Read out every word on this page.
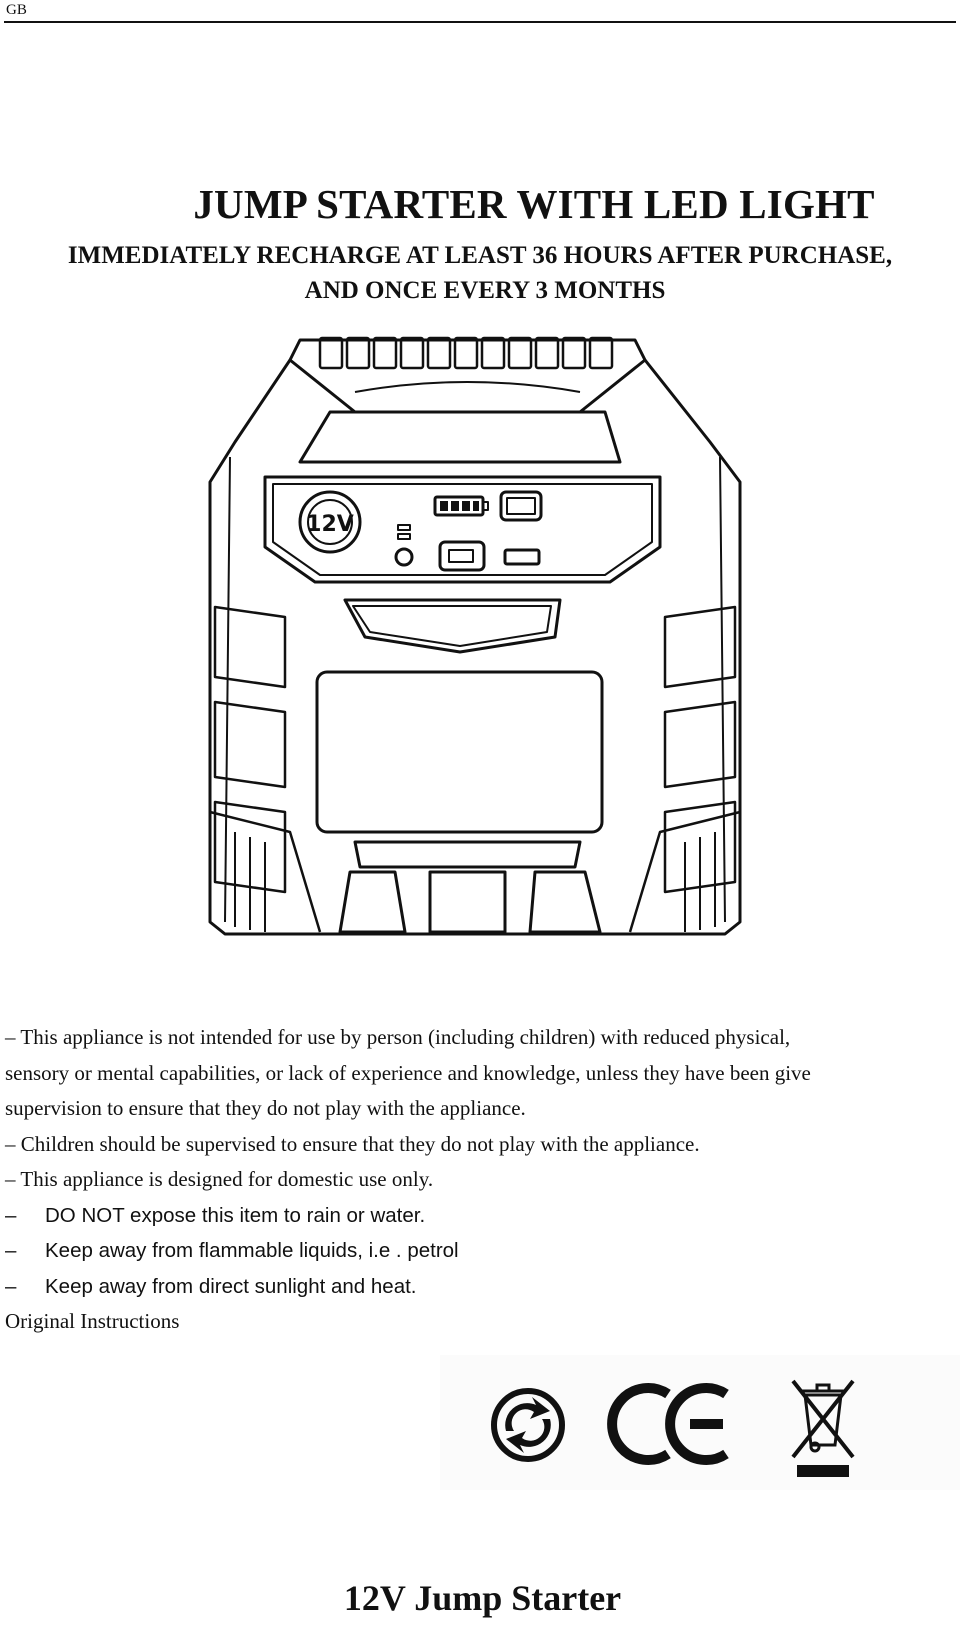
GB
JUMP STARTER WITH LED LIGHT
IMMEDIATELY RECHARGE AT LEAST 36 HOURS AFTER PURCHASE,
AND ONCE EVERY 3 MONTHS
12V

– This appliance is not intended for use by person (including children) with reduced physical,

sensory or mental capabilities, or lack of experience and knowledge, unless they have been give

supervision to ensure that they do not play with the appliance.

– Children should be supervised to ensure that they do not play with the appliance.

– This appliance is designed for domestic use only.

– DO NOT expose this item to rain or water.

– Keep away from flammable liquids, i.e . petrol

– Keep away from direct sunlight and heat.

Original Instructions

12V Jump Starter
